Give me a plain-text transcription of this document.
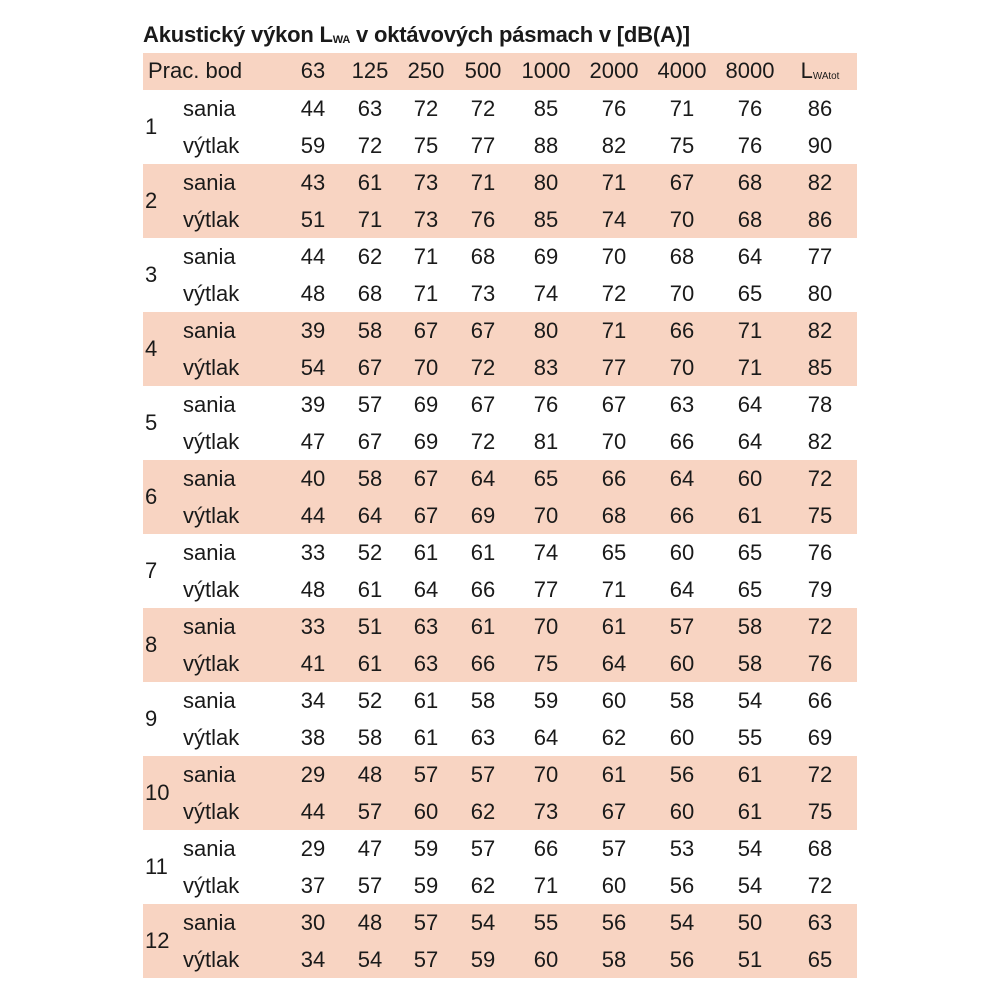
Akustický výkon $L_{WA}$ v oktávových pásmach v [dB(A)]
Prac. bod	63	125 250 500 1000 2000 4000 8000	$L_{WAtot}$
1
sania	44	63	72	72	85	76	71	76	86
výtlak	59	72	75	77	88	82	75	76	90
2
sania	43	61	73	71	80	71	67	68	82
výtlak	51	71	73	76	85	74	70	68	86
3
sania	44	62	71	68	69	70	68	64	77
výtlak	48	68	71	73	74	72	70	65	80
4
sania	39	58	67	67	80	71	66	71	82
výtlak	54	67	70	72	83	77	70	71	85
5
sania	39	57	69	67	76	67	63	64	78
výtlak	47	67	69	72	81	70	66	64	82
6
sania	40	58	67	64	65	66	64	60	72
výtlak	44	64	67	69	70	68	66	61	75
7
sania	33	52	61	61	74	65	60	65	76
výtlak	48	61	64	66	77	71	64	65	79
8
sania	33	51	63	61	70	61	57	58	72
výtlak	41	61	63	66	75	64	60	58	76
9
sania	34	52	61	58	59	60	58	54	66
výtlak	38	58	61	63	64	62	60	55	69
10
sania	29	48	57	57	70	61	56	61	72
výtlak	44	57	60	62	73	67	60	61	75
11
sania	29	47	59	57	66	57	53	54	68
výtlak	37	57	59	62	71	60	56	54	72
12
sania	30	48	57	54	55	56	54	50	63
výtlak	34	54	57	59	60	58	56	51	65
